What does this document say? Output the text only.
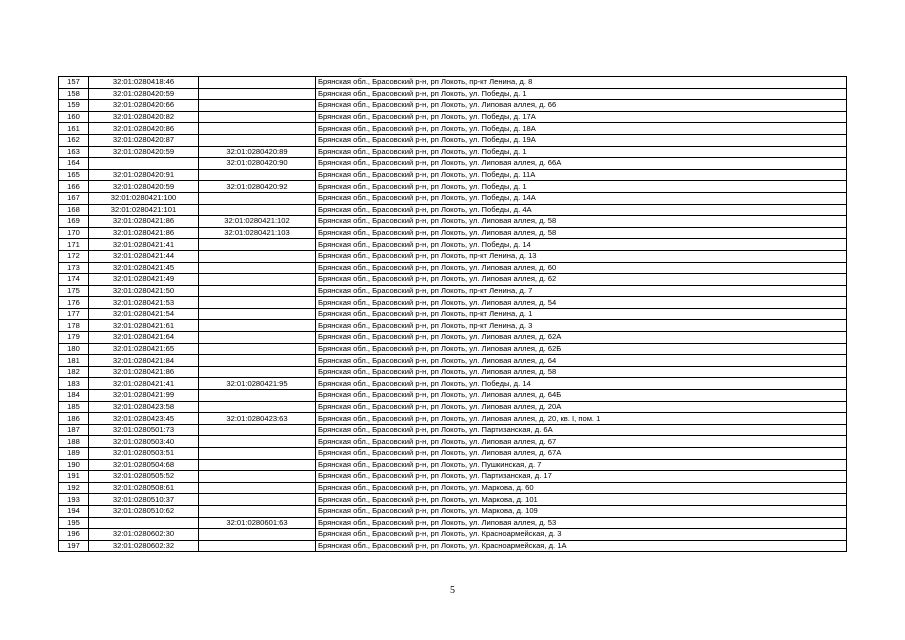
157	32:01:0280418:46		Брянская обл., Брасовский р-н, рп Локоть, пр-кт Ленина, д. 8
158	32:01:0280420:59		Брянская обл., Брасовский р-н, рп Локоть, ул. Победы, д. 1
159	32:01:0280420:66		Брянская обл., Брасовский р-н, рп Локоть, ул. Липовая аллея, д. 66
160	32:01:0280420:82		Брянская обл., Брасовский р-н, рп Локоть, ул. Победы, д. 17А
161	32:01:0280420:86		Брянская обл., Брасовский р-н, рп Локоть, ул. Победы, д. 18А
162	32:01:0280420:87		Брянская обл., Брасовский р-н, рп Локоть, ул. Победы, д. 19А
163	32:01:0280420:59	32:01:0280420:89	Брянская обл., Брасовский р-н, рп Локоть, ул. Победы, д. 1
164		32:01:0280420:90	Брянская обл., Брасовский р-н, рп Локоть, ул. Липовая аллея, д. 66А
165	32:01:0280420:91		Брянская обл., Брасовский р-н, рп Локоть, ул. Победы, д. 11А
166	32:01:0280420:59	32:01:0280420:92	Брянская обл., Брасовский р-н, рп Локоть, ул. Победы, д. 1
167	32:01:0280421:100		Брянская обл., Брасовский р-н, рп Локоть, ул. Победы, д. 14А
168	32:01:0280421:101		Брянская обл., Брасовский р-н, рп Локоть, ул. Победы, д. 4А
169	32:01:0280421:86	32:01:0280421:102	Брянская обл., Брасовский р-н, рп Локоть, ул. Липовая аллея, д. 58
170	32:01:0280421:86	32:01:0280421:103	Брянская обл., Брасовский р-н, рп Локоть, ул. Липовая аллея, д. 58
171	32:01:0280421:41		Брянская обл., Брасовский р-н, рп Локоть, ул. Победы, д. 14
172	32:01:0280421:44		Брянская обл., Брасовский р-н, рп Локоть, пр-кт Ленина, д. 13
173	32:01:0280421:45		Брянская обл., Брасовский р-н, рп Локоть, ул. Липовая аллея, д. 60
174	32:01:0280421:49		Брянская обл., Брасовский р-н, рп Локоть, ул. Липовая аллея, д. 62
175	32:01:0280421:50		Брянская обл., Брасовский р-н, рп Локоть, пр-кт Ленина, д. 7
176	32:01:0280421:53		Брянская обл., Брасовский р-н, рп Локоть, ул. Липовая аллея, д. 54
177	32:01:0280421:54		Брянская обл., Брасовский р-н, рп Локоть, пр-кт Ленина, д. 1
178	32:01:0280421:61		Брянская обл., Брасовский р-н, рп Локоть, пр-кт Ленина, д. 3
179	32:01:0280421:64		Брянская обл., Брасовский р-н, рп Локоть, ул. Липовая аллея, д. 62А
180	32:01:0280421:65		Брянская обл., Брасовский р-н, рп Локоть, ул. Липовая аллея, д. 62Б
181	32:01:0280421:84		Брянская обл., Брасовский р-н, рп Локоть, ул. Липовая аллея, д. 64
182	32:01:0280421:86		Брянская обл., Брасовский р-н, рп Локоть, ул. Липовая аллея, д. 58
183	32:01:0280421:41	32:01:0280421:95	Брянская обл., Брасовский р-н, рп Локоть, ул. Победы, д. 14
184	32:01:0280421:99		Брянская обл., Брасовский р-н, рп Локоть, ул. Липовая аллея, д. 64Б
185	32:01:0280423:58		Брянская обл., Брасовский р-н, рп Локоть, ул. Липовая аллея, д. 20А
186	32:01:0280423:45	32:01:0280423:63	Брянская обл., Брасовский р-н, рп Локоть, ул. Липовая аллея, д. 20, кв. I, пом. 1
187	32:01:0280501:73		Брянская обл., Брасовский р-н, рп Локоть, ул. Партизанская, д. 6А
188	32:01:0280503:40		Брянская обл., Брасовский р-н, рп Локоть, ул. Липовая аллея, д. 67
189	32:01:0280503:51		Брянская обл., Брасовский р-н, рп Локоть, ул. Липовая аллея, д. 67А
190	32:01:0280504:68		Брянская обл., Брасовский р-н, рп Локоть, ул. Пушкинская, д. 7
191	32:01:0280505:52		Брянская обл., Брасовский р-н, рп Локоть, ул. Партизанская, д. 17
192	32:01:0280508:61		Брянская обл., Брасовский р-н, рп Локоть, ул. Маркова, д. 60
193	32:01:0280510:37		Брянская обл., Брасовский р-н, рп Локоть, ул. Маркова, д. 101
194	32:01:0280510:62		Брянская обл., Брасовский р-н, рп Локоть, ул. Маркова, д. 109
195		32:01:0280601:63	Брянская обл., Брасовский р-н, рп Локоть, ул. Липовая аллея, д. 53
196	32:01:0280602:30		Брянская обл., Брасовский р-н, рп Локоть, ул. Красноармейская, д. 3
197	32:01:0280602:32		Брянская обл., Брасовский р-н, рп Локоть, ул. Красноармейская, д. 1А
5
